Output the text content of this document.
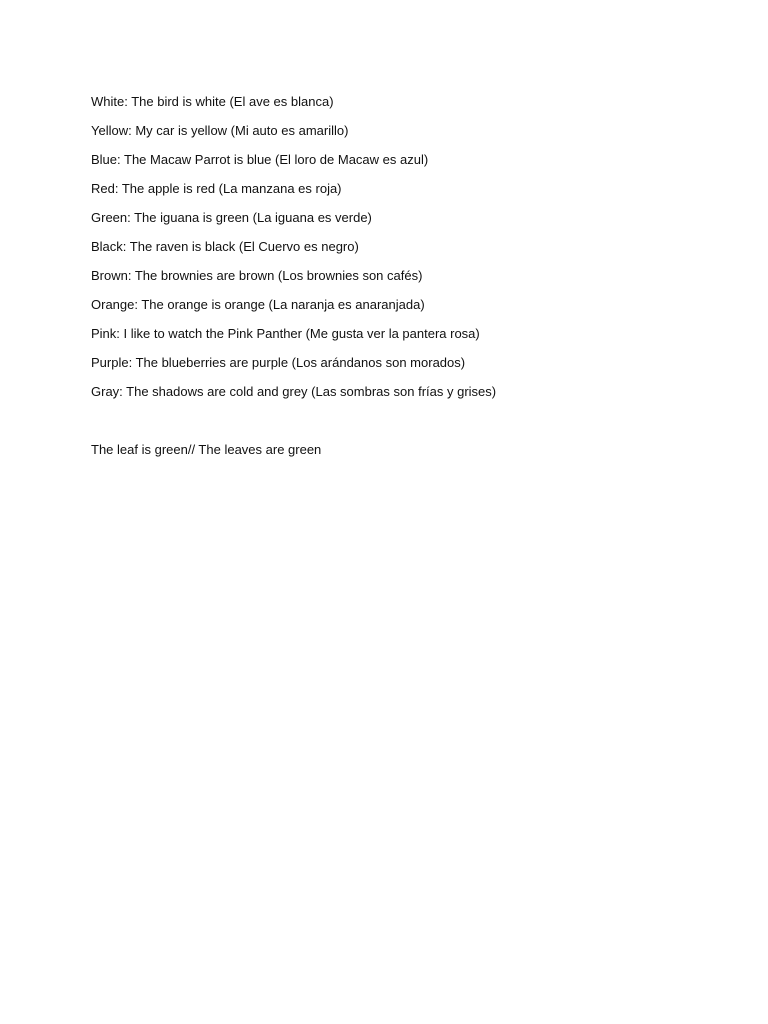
White: The bird is white (El ave es blanca)

Yellow: My car is yellow (Mi auto es amarillo)

Blue: The Macaw Parrot is blue (El loro de Macaw es azul)

Red: The apple is red (La manzana es roja)

Green: The iguana is green (La iguana es verde)

Black: The raven is black (El Cuervo es negro)

Brown: The brownies are brown (Los brownies son cafés)

Orange: The orange is orange (La naranja es anaranjada)

Pink: I like to watch the Pink Panther (Me gusta ver la pantera rosa)

Purple: The blueberries are purple (Los arándanos son morados)

Gray: The shadows are cold and grey (Las sombras son frías y grises)

The leaf is green// The leaves are green
